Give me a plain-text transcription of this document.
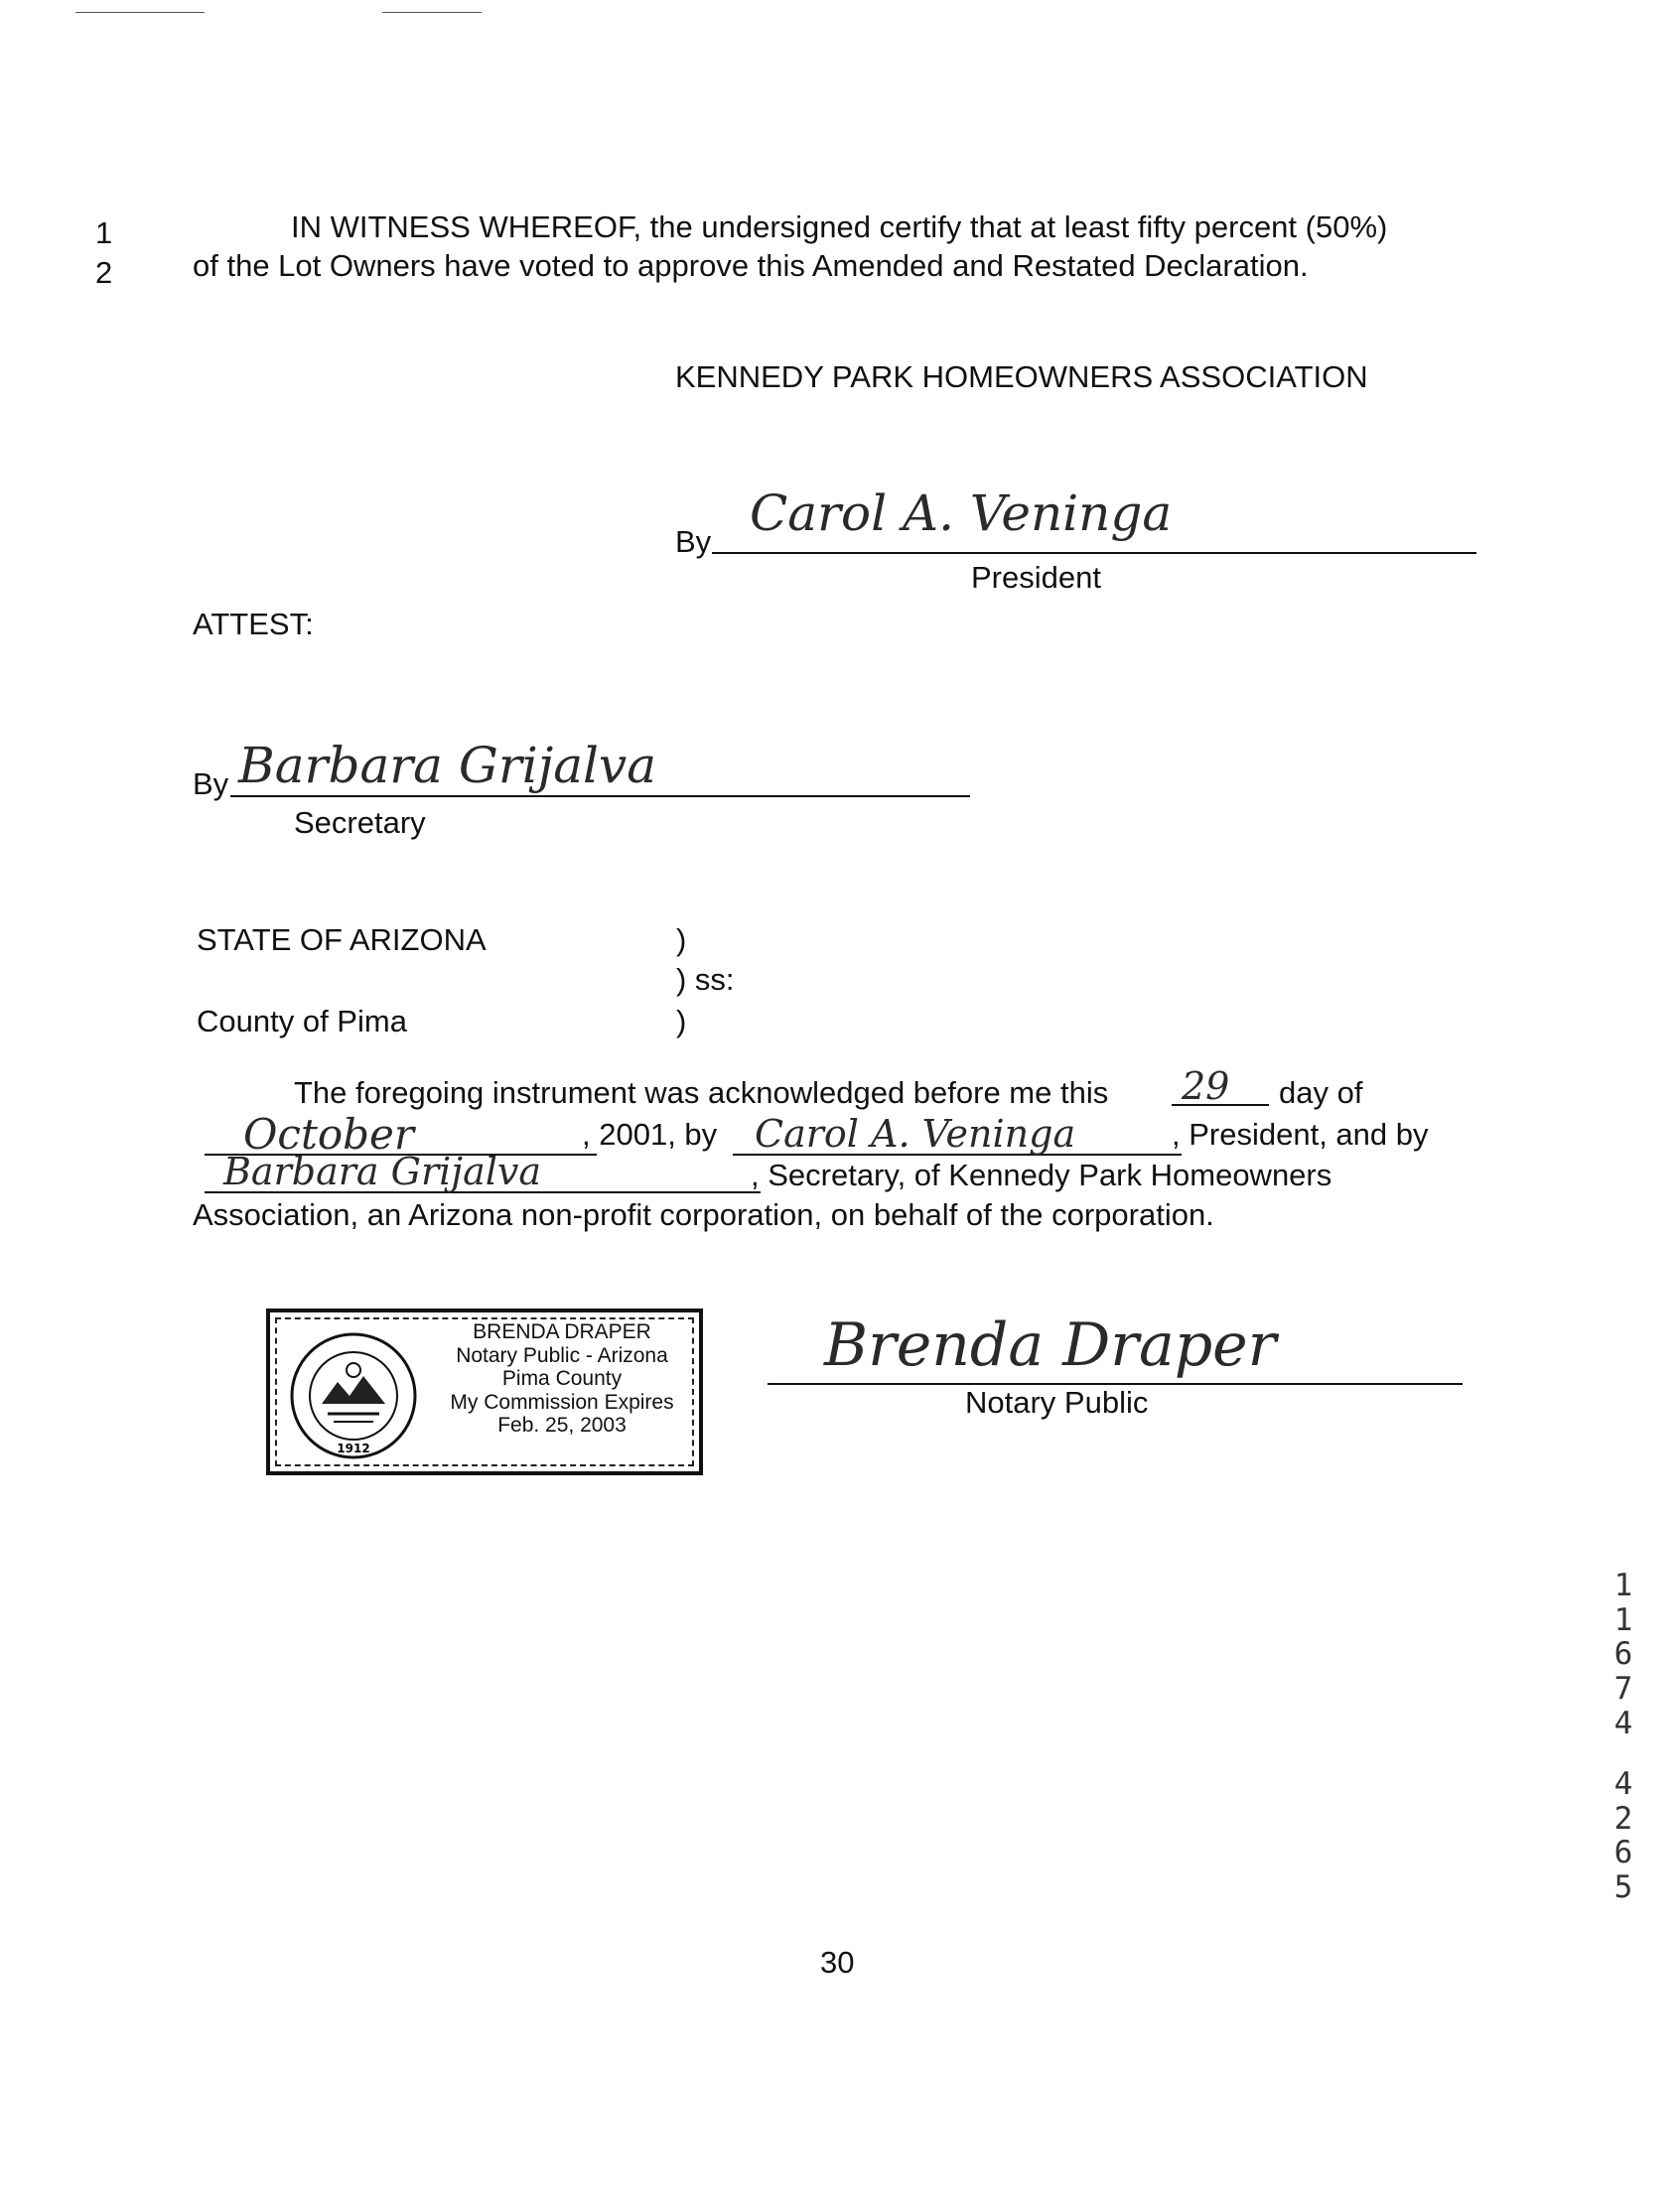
1
2
IN WITNESS WHEREOF, the undersigned certify that at least fifty percent (50%)
of the Lot Owners have voted to approve this Amended and Restated Declaration.
KENNEDY PARK HOMEOWNERS ASSOCIATION
By Carol A. Veninga
President
ATTEST:
By Barbara Grijalva
Secretary
STATE OF ARIZONA	)
) ss:
County of Pima	)
The foregoing instrument was acknowledged before me this 29 day of
October	, 2001, by Carol A. Veninga	, President, and by
Barbara Grijalva	, Secretary, of Kennedy Park Homeowners
Association, an Arizona non-profit corporation, on behalf of the corporation.
1912
BRENDA DRAPER
Notary Public - Arizona
Pima County
My Commission Expires
Feb. 25, 2003
Brenda Draper
Notary Public
1
1
6
7
4
4
2
6
5
30
